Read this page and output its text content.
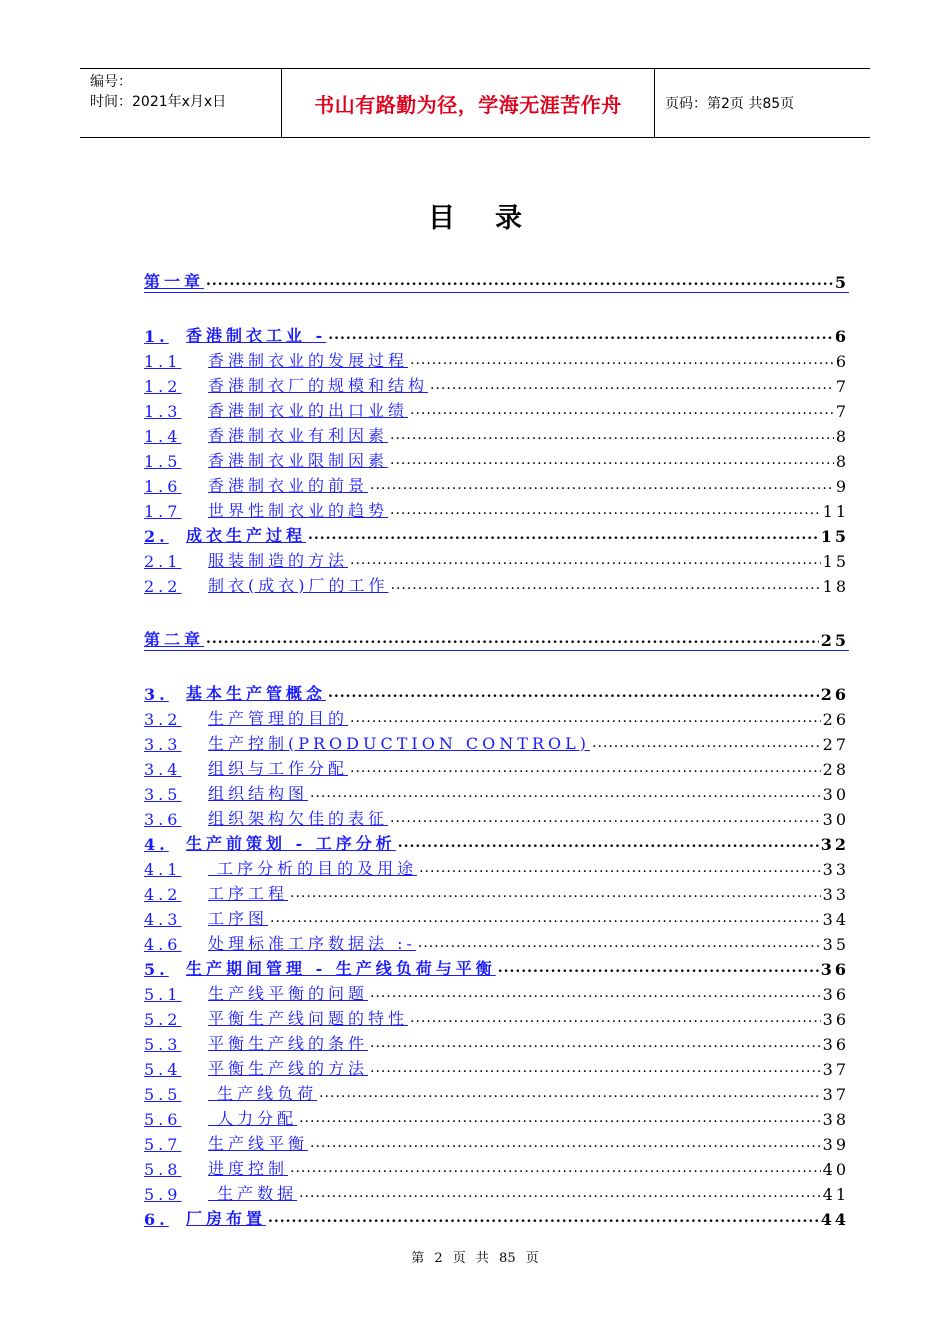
编号：
时间：2021年x月x日	书山有路勤为径，学海无涯苦作舟	页码：第2页 共85页
目 录
第一章 .....	5
1.	香港制衣工业 - .....	6
1.1	香港制衣业的发展过程 .....	6
1.2	香港制衣厂的规模和结构 .....	7
1.3	香港制衣业的出口业绩 .....	7
1.4	香港制衣业有利因素 .....	8
1.5	香港制衣业限制因素 .....	8
1.6	香港制衣业的前景 .....	9
1.7	世界性制衣业的趋势 .....	11
2.	成衣生产过程 .....	15
2.1	服装制造的方法 .....	15
2.2	制衣(成衣)厂的工作 .....	18
第二章 .....	25
3.	基本生产管概念 .....	26
3.2	生产管理的目的 .....	26
3.3	生产控制(PRODUCTION CONTROL) .....	27
3.4	组织与工作分配 .....	28
3.5	组织结构图 .....	30
3.6	组织架构欠佳的表征 .....	30
4.	生产前策划 - 工序分析 .....	32
4.1	工序分析的目的及用途 .....	33
4.2	工序工程 .....	33
4.3	工序图 .....	34
4.6	处理标准工序数据法 :- .....	35
5.	生产期间管理 - 生产线负荷与平衡 .....	36
5.1	生产线平衡的问题 .....	36
5.2	平衡生产线问题的特性 .....	36
5.3	平衡生产线的条件 .....	36
5.4	平衡生产线的方法 .....	37
5.5	生产线负荷 .....	37
5.6	人力分配 .....	38
5.7	生产线平衡 .....	39
5.8	进度控制 .....	40
5.9	生产数据 .....	41
6.	厂房布置 .....	44
第 2 页 共 85 页
